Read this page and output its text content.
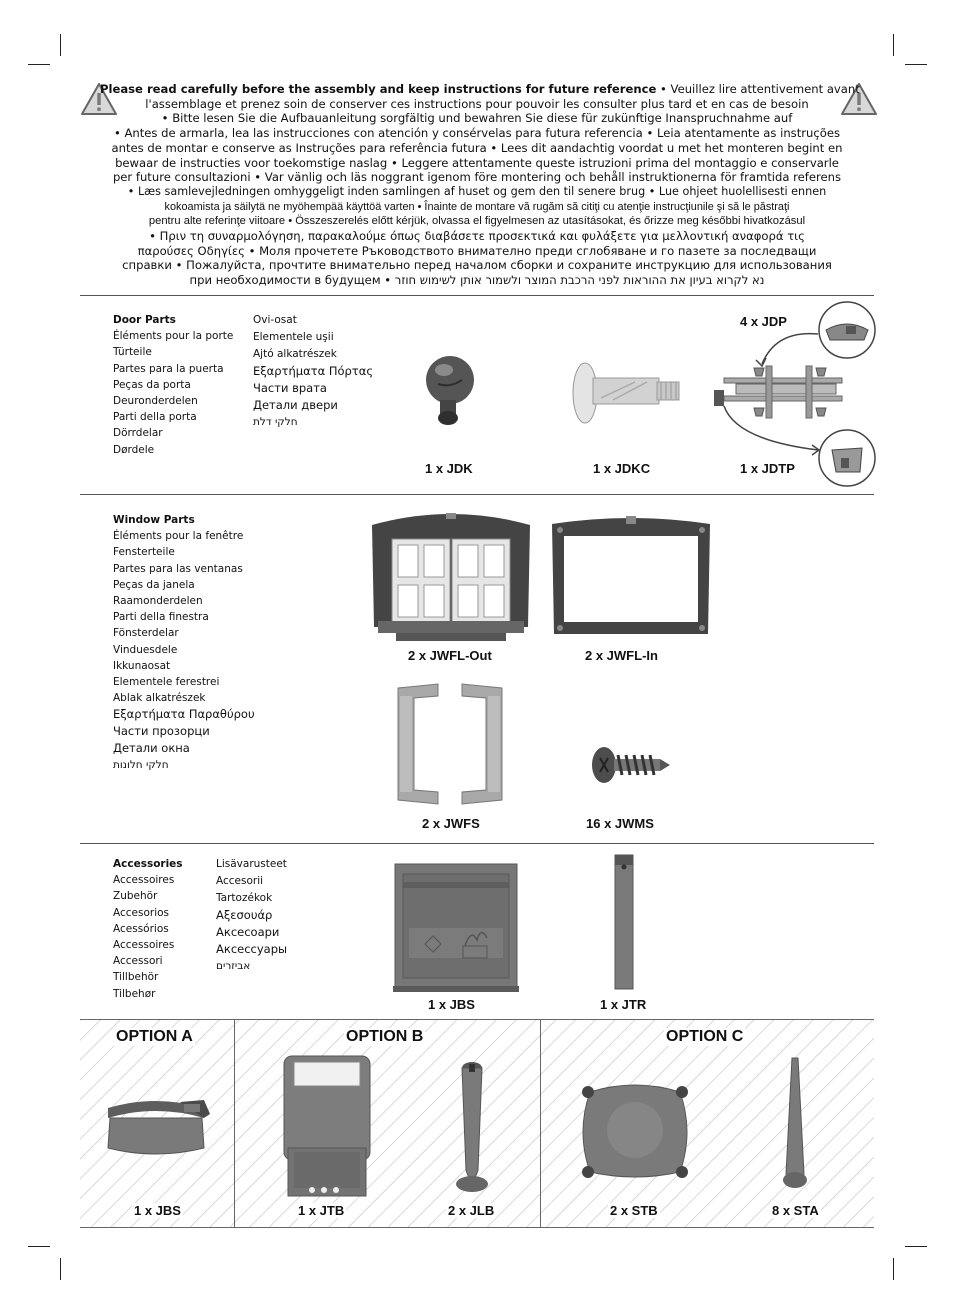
Please read carefully before the assembly and keep instructions for future reference • Veuillez lire attentivement avant
l'assemblage et prenez soin de conserver ces instructions pour pouvoir les consulter plus tard et en cas de besoin
• Bitte lesen Sie die Aufbauanleitung sorgfältig und bewahren Sie diese für zukünftige Inanspruchnahme auf
• Antes de armarla, lea las instrucciones con atención y consérvelas para futura referencia • Leia atentamente as instruções
antes de montar e conserve as Instruções para referência futura • Lees dit aandachtig voordat u met het monteren begint en
bewaar de instructies voor toekomstige naslag • Leggere attentamente queste istruzioni prima del montaggio e conservarle
per future consultazioni • Var vänlig och läs noggrant igenom före montering och behåll instruktionerna för framtida referens
• Læs samlevejledningen omhyggeligt inden samlingen af huset og gem den til senere brug • Lue ohjeet huolellisesti ennen
kokoamista ja säilytä ne myöhempää käyttöä varten • Înainte de montare vă rugăm să citiţi cu atenţie instrucţiunile şi să le păstraţi
pentru alte referinţe viitoare • Összeszerelés előtt kérjük, olvassa el figyelmesen az utasításokat, és őrizze meg későbbi hivatkozásul
• Πριν τη συναρμολόγηση, παρακαλούμε όπως διαβάσετε προσεκτικά και φυλάξετε για μελλοντική αναφορά τις
παρούσες Οδηγίες • Моля прочетете Ръководството внимателно преди сглобяване и го пазете за последващи
справки • Пожалуйста, прочтите внимательно перед началом сборки и сохраните инструкцию для использования
при необходимости в будущем • נא לקרוא בעיון את ההוראות לפני הרכבת המוצר ולשמור אותן לשימוש חוזר
Door Parts
Éléments pour la porte
Türteile
Partes para la puerta
Peças da porta
Deuronderdelen
Parti della porta
Dörrdelar
Dørdele
Ovi-osat
Elementele uşii
Ajtó alkatrészek
Εξαρτήματα Πόρτας
Части врата
Детали двери
חלקי דלת
1 x JDK	1 x JDKC
4 x JDP
1 x JDTP
Window Parts
Éléments pour la fenêtre
Fensterteile
Partes para las ventanas
Peças da janela
Raamonderdelen
Parti della finestra
Fönsterdelar
Vinduesdele
Ikkunaosat
Elementele ferestrei
Ablak alkatrészek
Εξαρτήματα Παραθύρου
Части прозорци
Детали окна
חלקי חלונות
2 x JWFL-Out	2 x JWFL-In
2 x JWFS	16 x JWMS
Accessories
Accessoires
Zubehör
Accesorios
Acessórios
Accessoires
Accessori
Tillbehör
Tilbehør
Lisävarusteet
Accesorii
Tartozékok
Αξεσουάρ
Аксесоари
Аксессуары
אביזרים
1 x JBS	1 x JTR
OPTION A	OPTION B	OPTION C
1 x JBS	1 x JTB	2 x JLB	2 x STB	8 x STA
